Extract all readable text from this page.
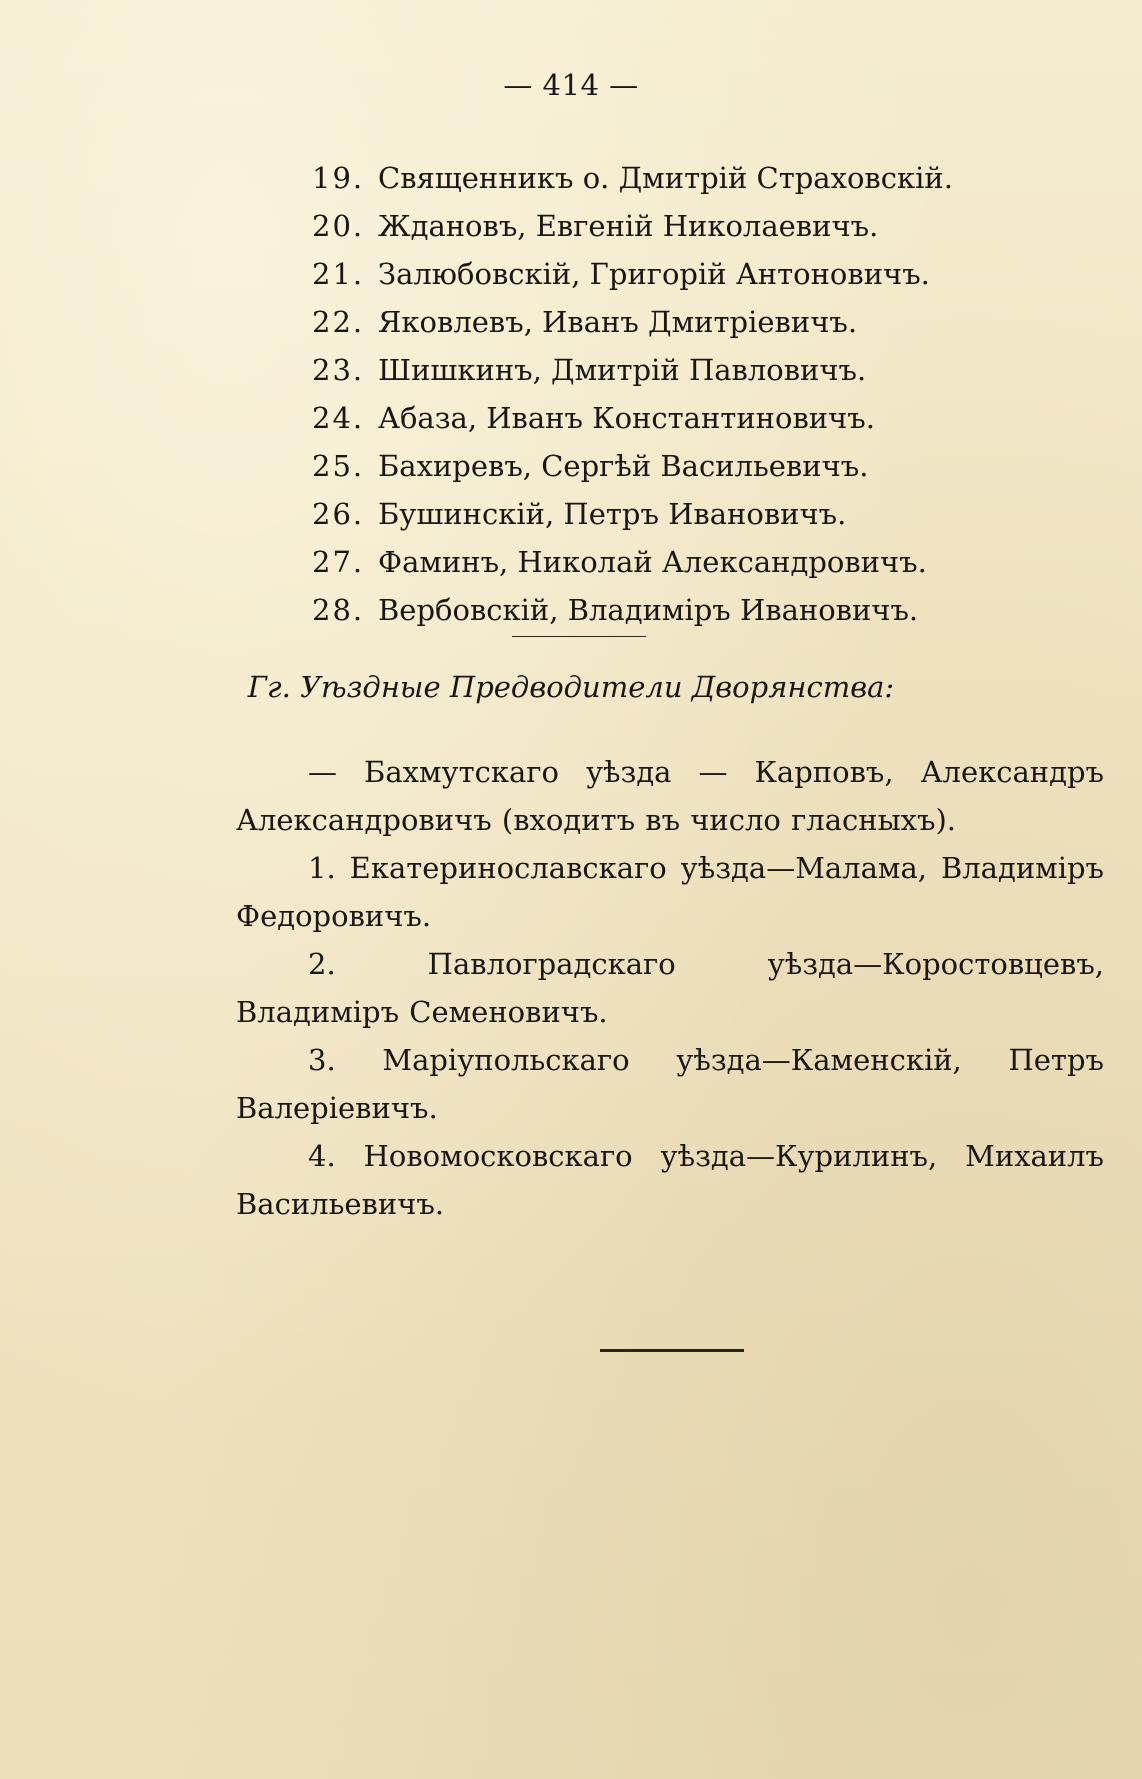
— 414 —
19. Священникъ о. Дмитрій Страховскій.
20. Ждановъ, Евгеній Николаевичъ.
21. Залюбовскій, Григорій Антоновичъ.
22. Яковлевъ, Иванъ Дмитріевичъ.
23. Шишкинъ, Дмитрій Павловичъ.
24. Абаза, Иванъ Константиновичъ.
25. Бахиревъ, Сергѣй Васильевичъ.
26. Бушинскій, Петръ Ивановичъ.
27. Фаминъ, Николай Александровичъ.
28. Вербовскій, Владиміръ Ивановичъ.
Гг. Уѣздные Предводители Дворянства:

— Бахмутскаго уѣзда — Карповъ, Александръ Александровичъ (входитъ въ число гласныхъ).

1. Екатеринославскаго уѣзда—Малама, Владиміръ Федоровичъ.

2. Павлоградскаго уѣзда—Коростовцевъ, Владиміръ Семеновичъ.

3. Маріупольскаго уѣзда—Каменскій, Петръ Валеріевичъ.

4. Новомосковскаго уѣзда—Курилинъ, Михаилъ Васильевичъ.
